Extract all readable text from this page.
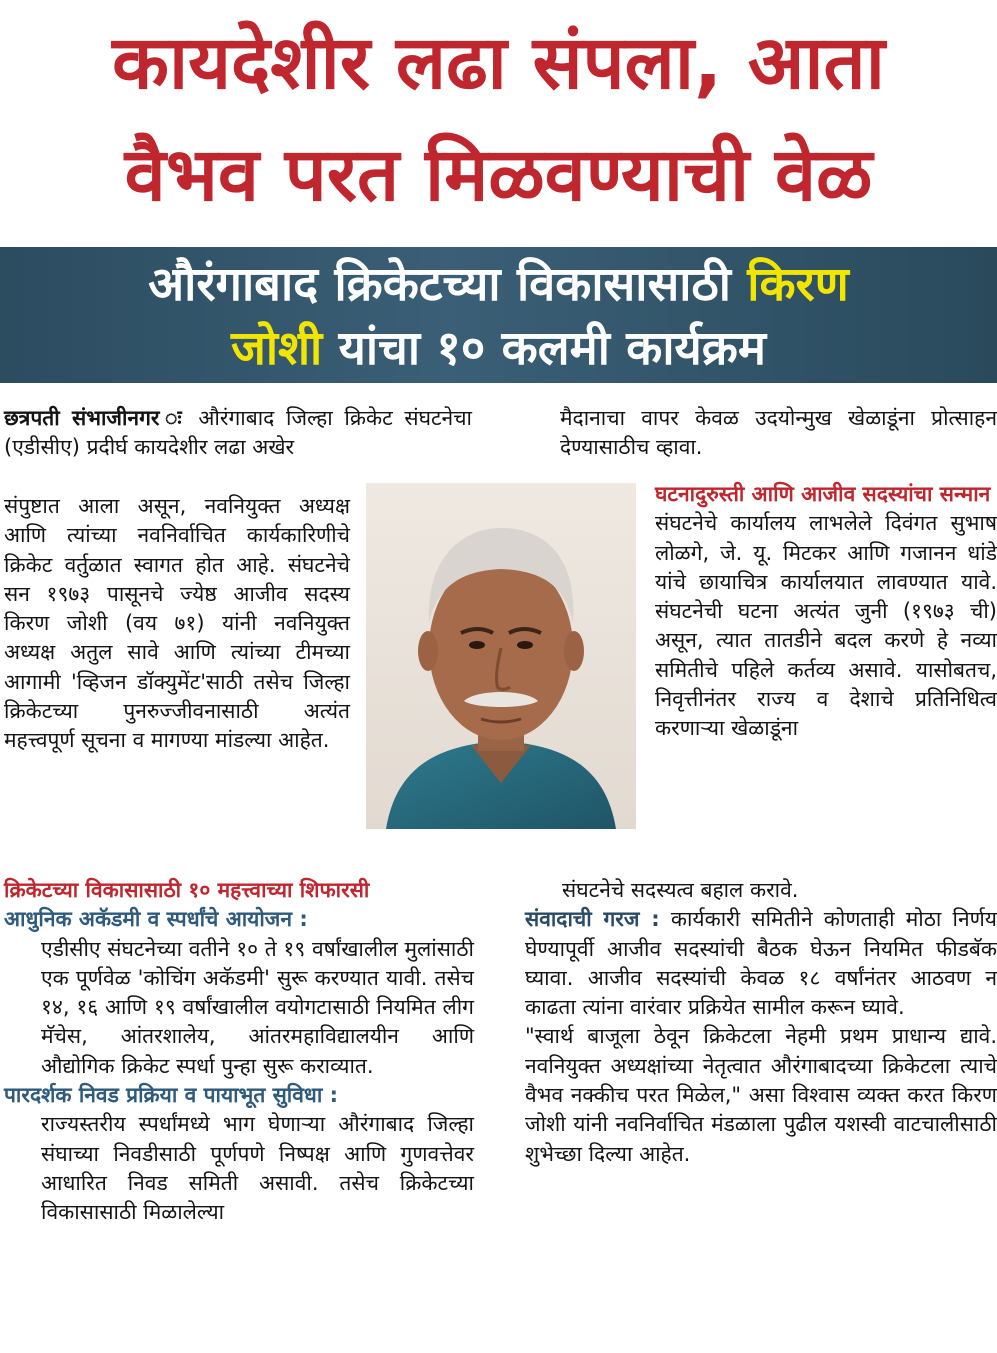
कायदेशीर लढा संपला, आता
वैभव परत मिळवण्याची वेळ
औरंगाबाद क्रिकेटच्या विकासासाठी किरण
जोशी यांचा १० कलमी कार्यक्रम

छत्रपती संभाजीनगर ः औरंगाबाद जिल्हा क्रिकेट संघटनेचा (एडीसीए) प्रदीर्घ कायदेशीर लढा अखेर

संपुष्टात आला असून, नवनियुक्त अध्यक्ष आणि त्यांच्या नवनिर्वाचित कार्यकारिणीचे क्रिकेट वर्तुळात स्वागत होत आहे. संघटनेचे सन १९७३ पासूनचे ज्येष्ठ आजीव सदस्य किरण जोशी (वय ७१) यांनी नवनियुक्त अध्यक्ष अतुल सावे आणि त्यांच्या टीमच्या आगामी 'व्हिजन डॉक्युमेंट'साठी तसेच जिल्हा क्रिकेटच्या पुनरुज्जीवनासाठी अत्यंत महत्त्वपूर्ण सूचना व मागण्या मांडल्या आहेत.

क्रिकेटच्या विकासासाठी १० महत्त्वाच्या शिफारसी

आधुनिक अकॅडमी व स्पर्धांचे आयोजन :

एडीसीए संघटनेच्या वतीने १० ते १९ वर्षांखालील मुलांसाठी एक पूर्णवेळ 'कोचिंग अकॅडमी' सुरू करण्यात यावी. तसेच १४, १६ आणि १९ वर्षांखालील वयोगटासाठी नियमित लीग मॅचेस, आंतरशालेय, आंतरमहाविद्यालयीन आणि औद्योगिक क्रिकेट स्पर्धा पुन्हा सुरू कराव्यात.

पारदर्शक निवड प्रक्रिया व पायाभूत सुविधा :

राज्यस्तरीय स्पर्धांमध्ये भाग घेणाऱ्या औरंगाबाद जिल्हा संघाच्या निवडीसाठी पूर्णपणे निष्पक्ष आणि गुणवत्तेवर आधारित निवड समिती असावी. तसेच क्रिकेटच्या विकासासाठी मिळालेल्या

मैदानाचा वापर केवळ उदयोन्मुख खेळाडूंना प्रोत्साहन देण्यासाठीच व्हावा.

घटनादुरुस्ती आणि आजीव सदस्यांचा सन्मान

संघटनेचे कार्यालय लाभलेले दिवंगत सुभाष लोळगे, जे. यू. मिटकर आणि गजानन धांडे यांचे छायाचित्र कार्यालयात लावण्यात यावे. संघटनेची घटना अत्यंत जुनी (१९७३ ची) असून, त्यात तातडीने बदल करणे हे नव्या समितीचे पहिले कर्तव्य असावे. यासोबतच, निवृत्तीनंतर राज्य व देशाचे प्रतिनिधित्व करणाऱ्या खेळाडूंना

संघटनेचे सदस्यत्व बहाल करावे.

संवादाची गरज : कार्यकारी समितीने कोणताही मोठा निर्णय घेण्यापूर्वी आजीव सदस्यांची बैठक घेऊन नियमित फीडबॅक घ्यावा. आजीव सदस्यांची केवळ १८ वर्षांनंतर आठवण न काढता त्यांना वारंवार प्रक्रियेत सामील करून घ्यावे.

"स्वार्थ बाजूला ठेवून क्रिकेटला नेहमी प्रथम प्राधान्य द्यावे. नवनियुक्त अध्यक्षांच्या नेतृत्वात औरंगाबादच्या क्रिकेटला त्याचे वैभव नक्कीच परत मिळेल," असा विश्वास व्यक्त करत किरण जोशी यांनी नवनिर्वाचित मंडळाला पुढील यशस्वी वाटचालीसाठी शुभेच्छा दिल्या आहेत.
